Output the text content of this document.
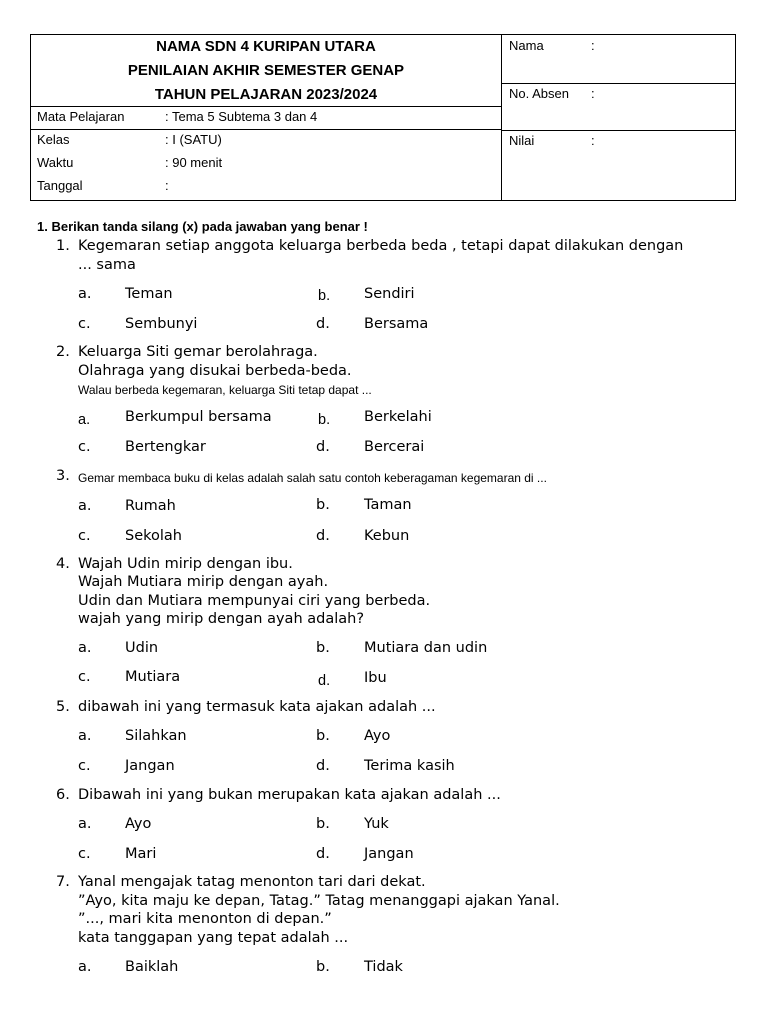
NAMA SDN 4 KURIPAN UTARA
PENILAIAN AKHIR SEMESTER GENAP
TAHUN PELAJARAN 2023/2024
Mata Pelajaran	: Tema 5 Subtema 3 dan 4
Kelas	: I (SATU)
Waktu	: 90 menit
Tanggal	:
Nama	:
No. Absen :
Nilai	:
1. Berikan tanda silang (x) pada jawaban yang benar !
1. Kegemaran setiap anggota keluarga berbeda beda , tetapi dapat dilakukan dengan
... sama
a. Teman	b. Sendiri
c. Sembunyi	d. Bersama
2. Keluarga Siti gemar berolahraga.
Olahraga yang disukai berbeda-beda.
Walau berbeda kegemaran, keluarga Siti tetap dapat ...
a. Berkumpul bersama	b. Berkelahi
c. Bertengkar	d. Bercerai
3. Gemar membaca buku di kelas adalah salah satu contoh keberagaman kegemaran di ...
a. Rumah	b. Taman
c. Sekolah	d. Kebun
4. Wajah Udin mirip dengan ibu.
Wajah Mutiara mirip dengan ayah.
Udin dan Mutiara mempunyai ciri yang berbeda.
wajah yang mirip dengan ayah adalah?
a. Udin	b. Mutiara dan udin
c. Mutiara	d. Ibu
5. dibawah ini yang termasuk kata ajakan adalah ...
a. Silahkan	b. Ayo
c. Jangan	d. Terima kasih
6. Dibawah ini yang bukan merupakan kata ajakan adalah ...
a. Ayo	b. Yuk
c. Mari	d. Jangan
7. Yanal mengajak tatag menonton tari dari dekat.
”Ayo, kita maju ke depan, Tatag.” Tatag menanggapi ajakan Yanal.
”..., mari kita menonton di depan.”
kata tanggapan yang tepat adalah ...
a. Baiklah	b. Tidak
